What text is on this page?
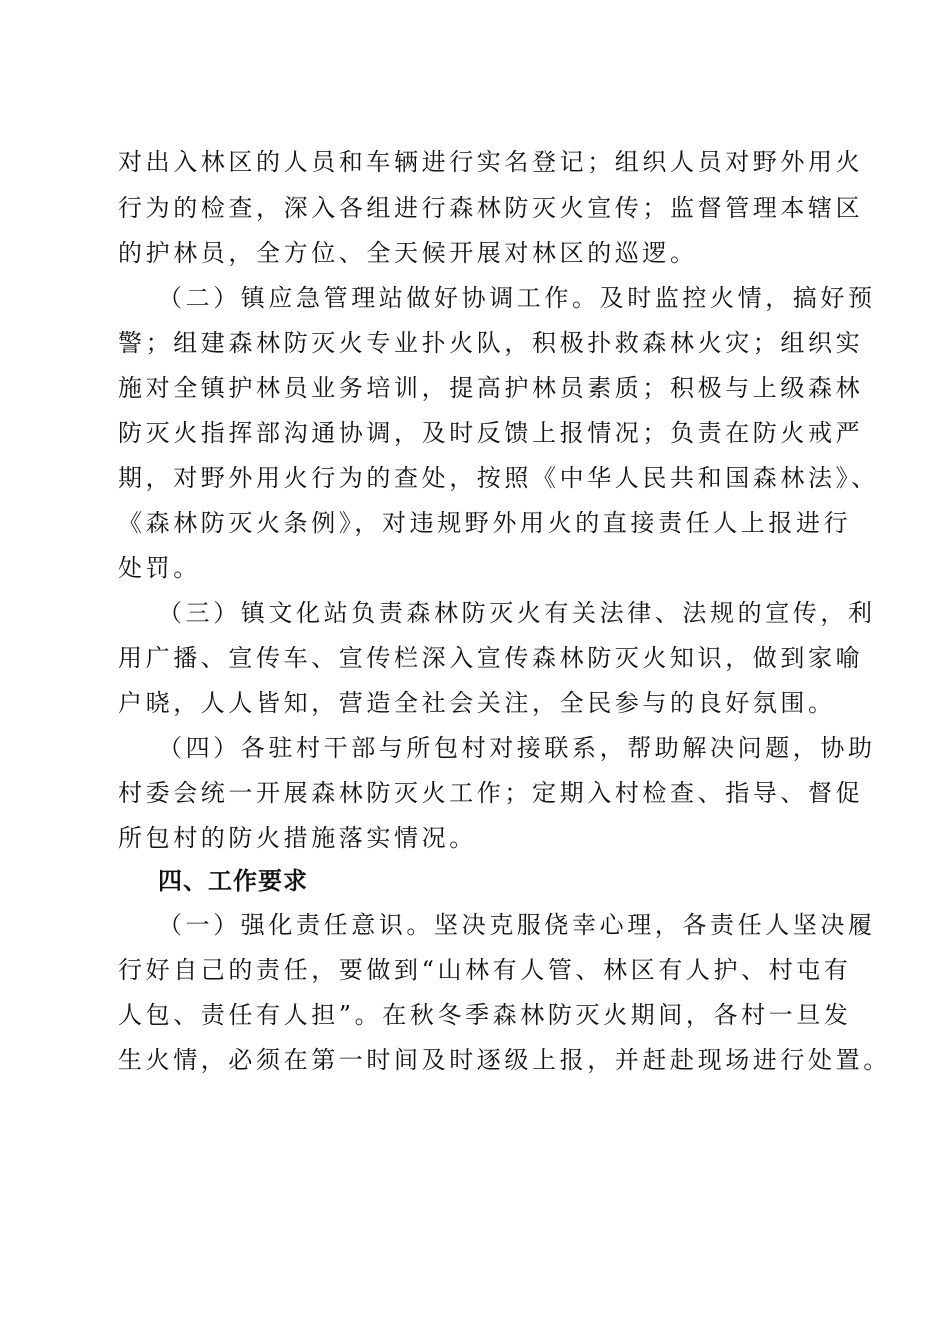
对出入林区的人员和车辆进行实名登记；组织人员对野外用火
行为的检查，深入各组进行森林防灭火宣传；监督管理本辖区
的护林员，全方位、全天候开展对林区的巡逻。
（二）镇应急管理站做好协调工作。及时监控火情，搞好预
警；组建森林防灭火专业扑火队，积极扑救森林火灾；组织实
施对全镇护林员业务培训，提高护林员素质；积极与上级森林
防灭火指挥部沟通协调，及时反馈上报情况；负责在防火戒严
期，对野外用火行为的查处，按照《中华人民共和国森林法》、
《森林防灭火条例》，对违规野外用火的直接责任人上报进行
处罚。
（三）镇文化站负责森林防灭火有关法律、法规的宣传，利
用广播、宣传车、宣传栏深入宣传森林防灭火知识，做到家喻
户晓，人人皆知，营造全社会关注，全民参与的良好氛围。
（四）各驻村干部与所包村对接联系，帮助解决问题，协助
村委会统一开展森林防灭火工作；定期入村检查、指导、督促
所包村的防火措施落实情况。
四、工作要求
（一）强化责任意识。坚决克服侥幸心理，各责任人坚决履
行好自己的责任，要做到“山林有人管、林区有人护、村屯有
人包、责任有人担”。在秋冬季森林防灭火期间，各村一旦发
生火情，必须在第一时间及时逐级上报，并赶赴现场进行处置。
